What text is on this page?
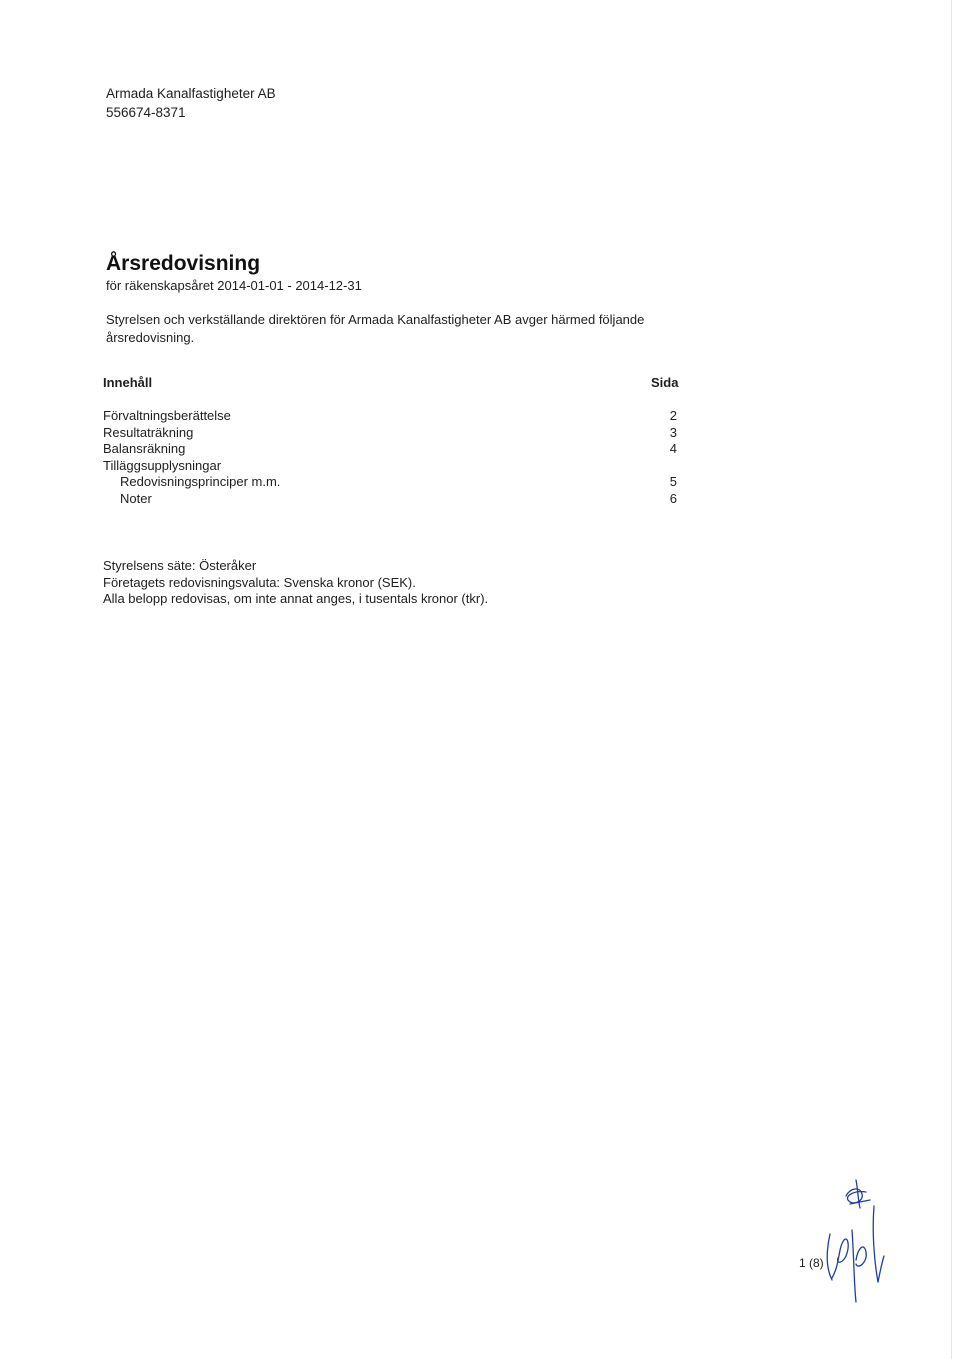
Armada Kanalfastigheter AB
556674-8371
Årsredovisning
för räkenskapsåret 2014-01-01 - 2014-12-31
Styrelsen och verkställande direktören för Armada Kanalfastigheter AB avger härmed följande årsredovisning.
Innehåll	Sida
Förvaltningsberättelse	2
Resultaträkning	3
Balansräkning	4
Tilläggsupplysningar
Redovisningsprinciper m.m.	5
Noter	6
Styrelsens säte: Österåker
Företagets redovisningsvaluta: Svenska kronor (SEK).
Alla belopp redovisas, om inte annat anges, i tusentals kronor (tkr).
1 (8)
